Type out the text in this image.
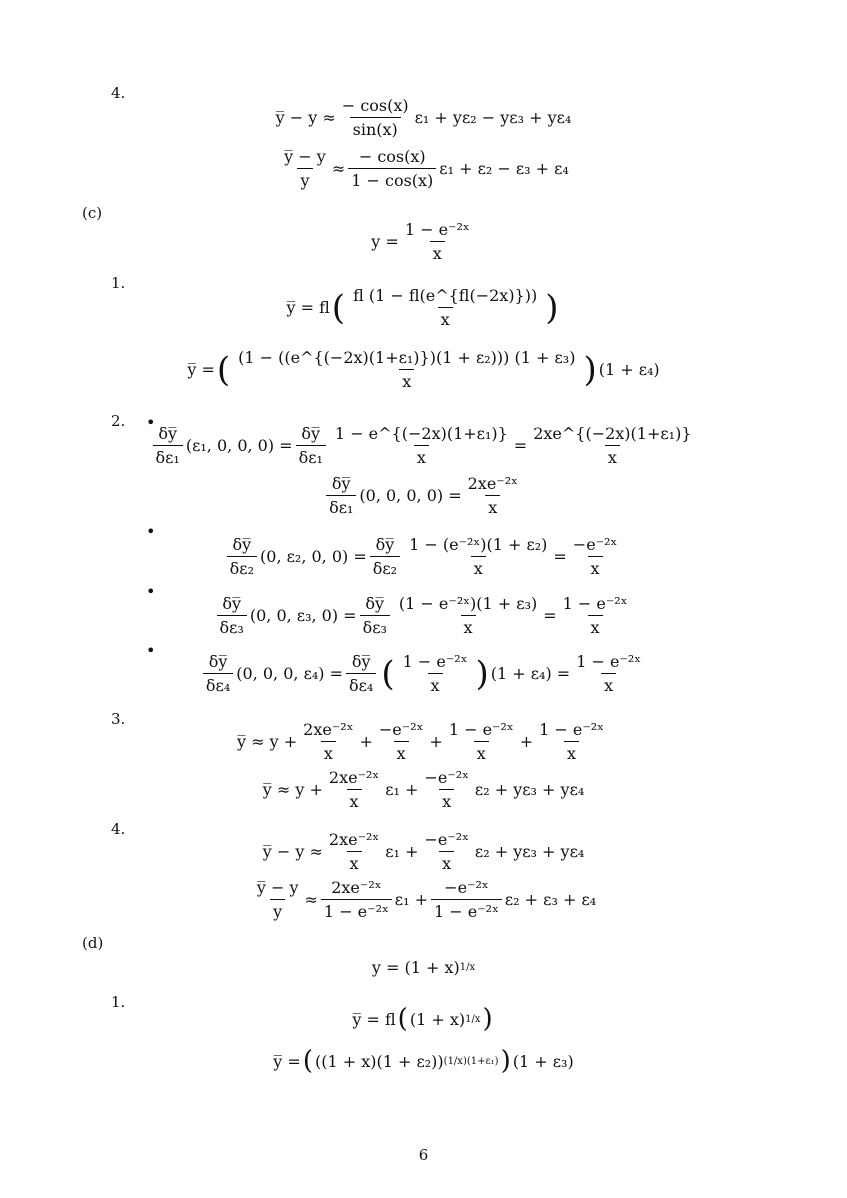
4.
y̅ − $y \approx \frac{- \cos(x)}{\sin(x)} \varepsilon_1 + y\varepsilon_2 - y\varepsilon_3 + y\varepsilon_4$
$\frac{y̅ - y}{y} \approx \frac{- \cos(x)}{1 - \cos(x)} \varepsilon_1 + \varepsilon_2 - \varepsilon_3 + \varepsilon_4$
(c)
$y = \frac{\text{1 − e⁻²ˣ}}{x}$
1.
y̅ = fl ( $\frac{fl (1 - fl(e\^{}\{fl(-2x)\}))}{x}$ )
y̅ = ( $\frac{\text{(1 − ((e\textasciicircum{}\{(−2x)(1+ε₁)\})(1 + ε₂))) (1 + ε₃)}}{x}$ ) (1 + ε₄)
2. •
$\frac{\delta y̅}{\text{δε₁}} (\varepsilon_1$, 0, 0, $0) = \frac{\delta y̅}{\text{δε₁}} \frac{\text{1 − e\textasciicircum{}\{(−2x)(1+ε₁)\}}}{x} = \frac{\text{2xe\textasciicircum{}\{(−2x)(1+ε₁)\}}}{x}$
$\frac{\delta y̅}{\text{δε₁}} (0$, 0, 0, $0) = \frac{\text{2xe⁻²ˣ}}{x}$
•
$\frac{\delta y̅}{\text{δε₂}} (0$, ε₂, 0, $0) = \frac{\delta y̅}{\text{δε₂}} \frac{\text{1 − (e⁻²ˣ)(1 + ε₂)}}{x} = \frac{\text{−e⁻²ˣ}}{x}$
•
$\frac{\delta y̅}{\text{δε₃}} (0$, 0, ε₃, $0) = \frac{\delta y̅}{\text{δε₃}} \frac{\text{(1 − e⁻²ˣ)(1 + ε₃)}}{x} = \frac{\text{1 − e⁻²ˣ}}{x}$
•
$\frac{\delta y̅}{\text{δε₄}} (0$, 0, 0, $\varepsilon_4) = \frac{\delta y̅}{\text{δε₄}}$ ( $\frac{\text{1 − e⁻²ˣ}}{x}$ ) $(1 + \varepsilon_4) = \frac{\text{1 − e⁻²ˣ}}{x}$
3.
y̅ ≈ $y + \frac{\text{2xe⁻²ˣ}}{x} + \frac{\text{−e⁻²ˣ}}{x} + \frac{\text{1 − e⁻²ˣ}}{x} + \frac{\text{1 − e⁻²ˣ}}{x}$
y̅ ≈ $y + \frac{\text{2xe⁻²ˣ}}{x} \varepsilon_1 + \frac{\text{−e⁻²ˣ}}{x} \varepsilon_2 + y\varepsilon_3 + y\varepsilon_4$
4.
y̅ − $y \approx \frac{\text{2xe⁻²ˣ}}{x} \varepsilon_1 + \frac{\text{−e⁻²ˣ}}{x} \varepsilon_2 + y\varepsilon_3 + y\varepsilon_4$
$\frac{y̅ - y}{y} \approx \frac{\text{2xe⁻²ˣ}}{\text{1 − e⁻²ˣ}} \varepsilon_1 + \frac{\text{−e⁻²ˣ}}{\text{1 − e⁻²ˣ}} \varepsilon_2 + \varepsilon_3 + \varepsilon_4$
(d)
y = (1 + x) 1/x
1.
y̅ = fl ( (1 + x) 1/x )
y̅ = ( ((1 + x)(1 + ε₂)) (1/x)(1+ε₁) ) (1 + ε₃)
6
